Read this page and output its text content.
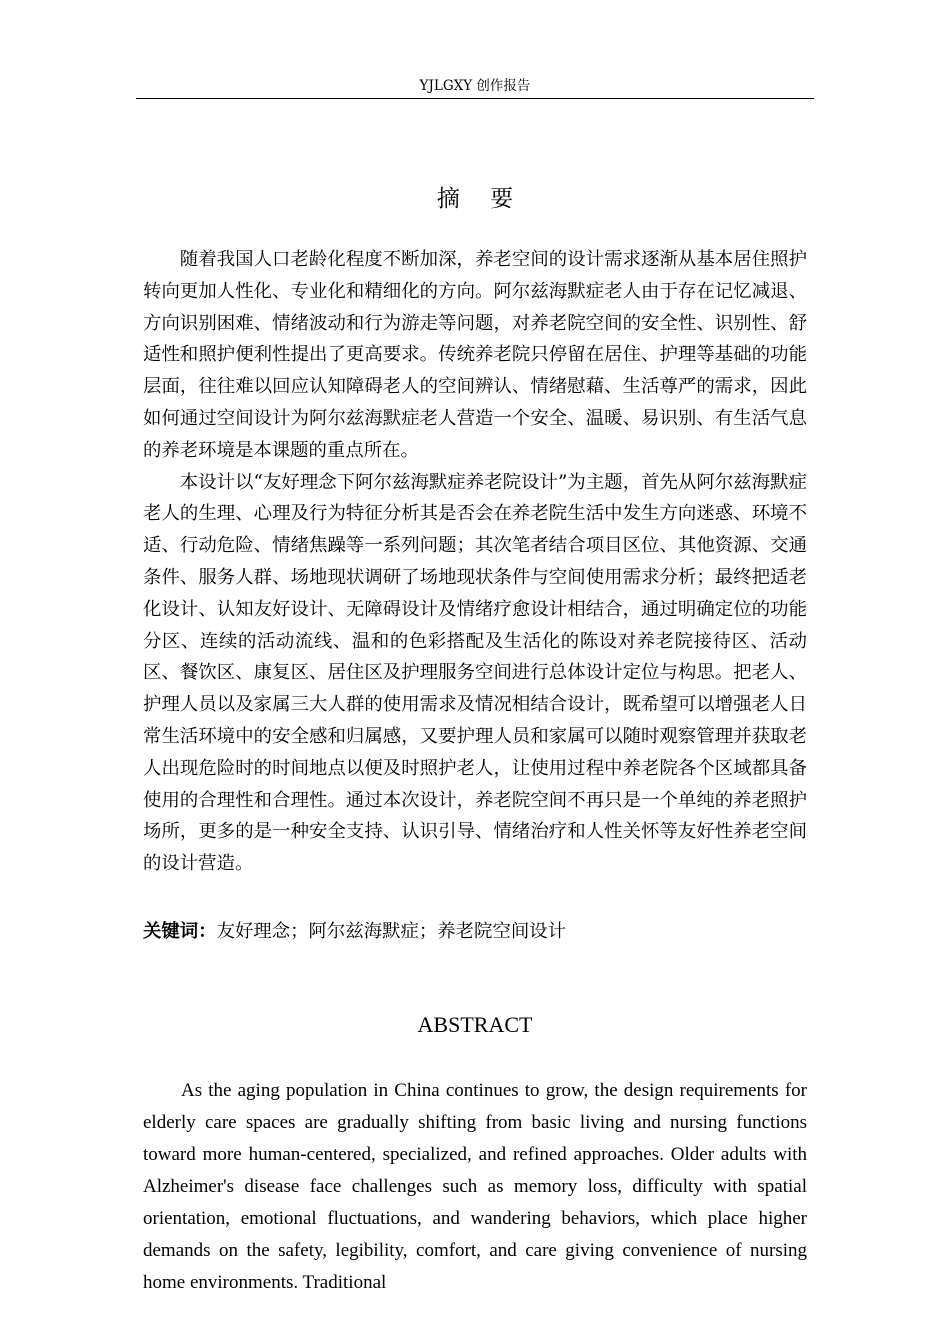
YJLGXY 创作报告
摘 要

随着我国人口老龄化程度不断加深，养老空间的设计需求逐渐从基本居住照护转向更加人性化、专业化和精细化的方向。阿尔兹海默症老人由于存在记忆减退、方向识别困难、情绪波动和行为游走等问题，对养老院空间的安全性、识别性、舒适性和照护便利性提出了更高要求。传统养老院只停留在居住、护理等基础的功能层面，往往难以回应认知障碍老人的空间辨认、情绪慰藉、生活尊严的需求，因此如何通过空间设计为阿尔兹海默症老人营造一个安全、温暖、易识别、有生活气息的养老环境是本课题的重点所在。

本设计以“友好理念下阿尔兹海默症养老院设计”为主题，首先从阿尔兹海默症老人的生理、心理及行为特征分析其是否会在养老院生活中发生方向迷惑、环境不适、行动危险、情绪焦躁等一系列问题；其次笔者结合项目区位、其他资源、交通条件、服务人群、场地现状调研了场地现状条件与空间使用需求分析；最终把适老化设计、认知友好设计、无障碍设计及情绪疗愈设计相结合，通过明确定位的功能分区、连续的活动流线、温和的色彩搭配及生活化的陈设对养老院接待区、活动区、餐饮区、康复区、居住区及护理服务空间进行总体设计定位与构思。把老人、护理人员以及家属三大人群的使用需求及情况相结合设计，既希望可以增强老人日常生活环境中的安全感和归属感，又要护理人员和家属可以随时观察管理并获取老人出现危险时的时间地点以便及时照护老人，让使用过程中养老院各个区域都具备使用的合理性和合理性。通过本次设计，养老院空间不再只是一个单纯的养老照护场所，更多的是一种安全支持、认识引导、情绪治疗和人性关怀等友好性养老空间的设计营造。

关键词：友好理念；阿尔兹海默症；养老院空间设计
ABSTRACT

As the aging population in China continues to grow, the design requirements for elderly care spaces are gradually shifting from basic living and nursing functions toward more human-centered, specialized, and refined approaches. Older adults with Alzheimer's disease face challenges such as memory loss, difficulty with spatial orientation, emotional fluctuations, and wandering behaviors, which place higher demands on the safety, legibility, comfort, and care giving convenience of nursing home environments. Traditional
